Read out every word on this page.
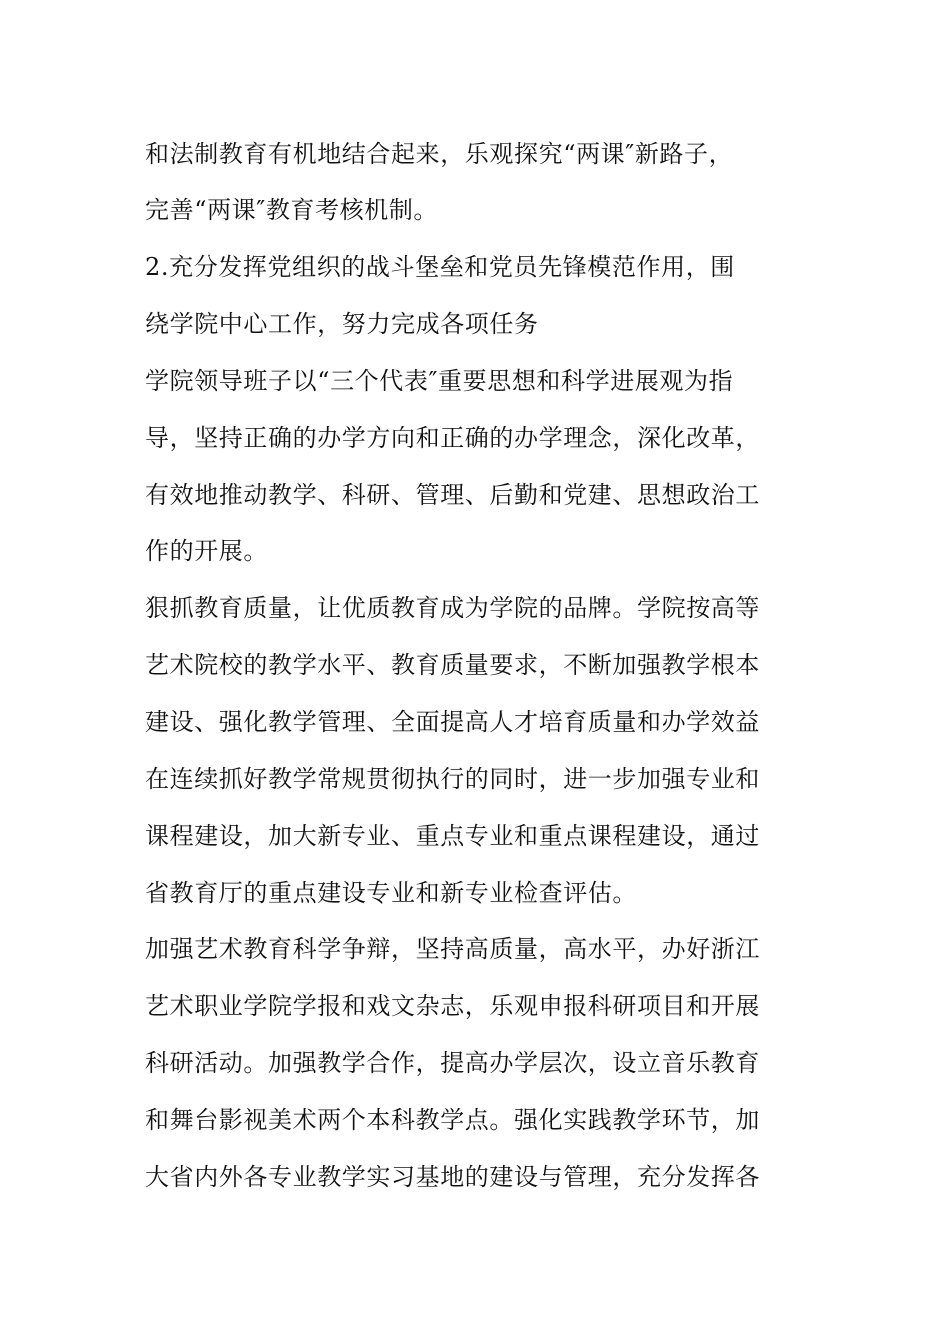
和法制教育有机地结合起来，乐观探究“两课″新路子，
完善“两课″教育考核机制。
2.充分发挥党组织的战斗堡垒和党员先锋模范作用，围
绕学院中心工作，努力完成各项任务
学院领导班子以“三个代表″重要思想和科学进展观为指
导，坚持正确的办学方向和正确的办学理念，深化改革，
有效地推动教学、科研、管理、后勤和党建、思想政治工
作的开展。
狠抓教育质量，让优质教育成为学院的品牌。学院按高等
艺术院校的教学水平、教育质量要求，不断加强教学根本
建设、强化教学管理、全面提高人才培育质量和办学效益
在连续抓好教学常规贯彻执行的同时，进一步加强专业和
课程建设，加大新专业、重点专业和重点课程建设，通过
省教育厅的重点建设专业和新专业检查评估。
加强艺术教育科学争辩，坚持高质量，高水平，办好浙江
艺术职业学院学报和戏文杂志，乐观申报科研项目和开展
科研活动。加强教学合作，提高办学层次，设立音乐教育
和舞台影视美术两个本科教学点。强化实践教学环节，加
大省内外各专业教学实习基地的建设与管理，充分发挥各
